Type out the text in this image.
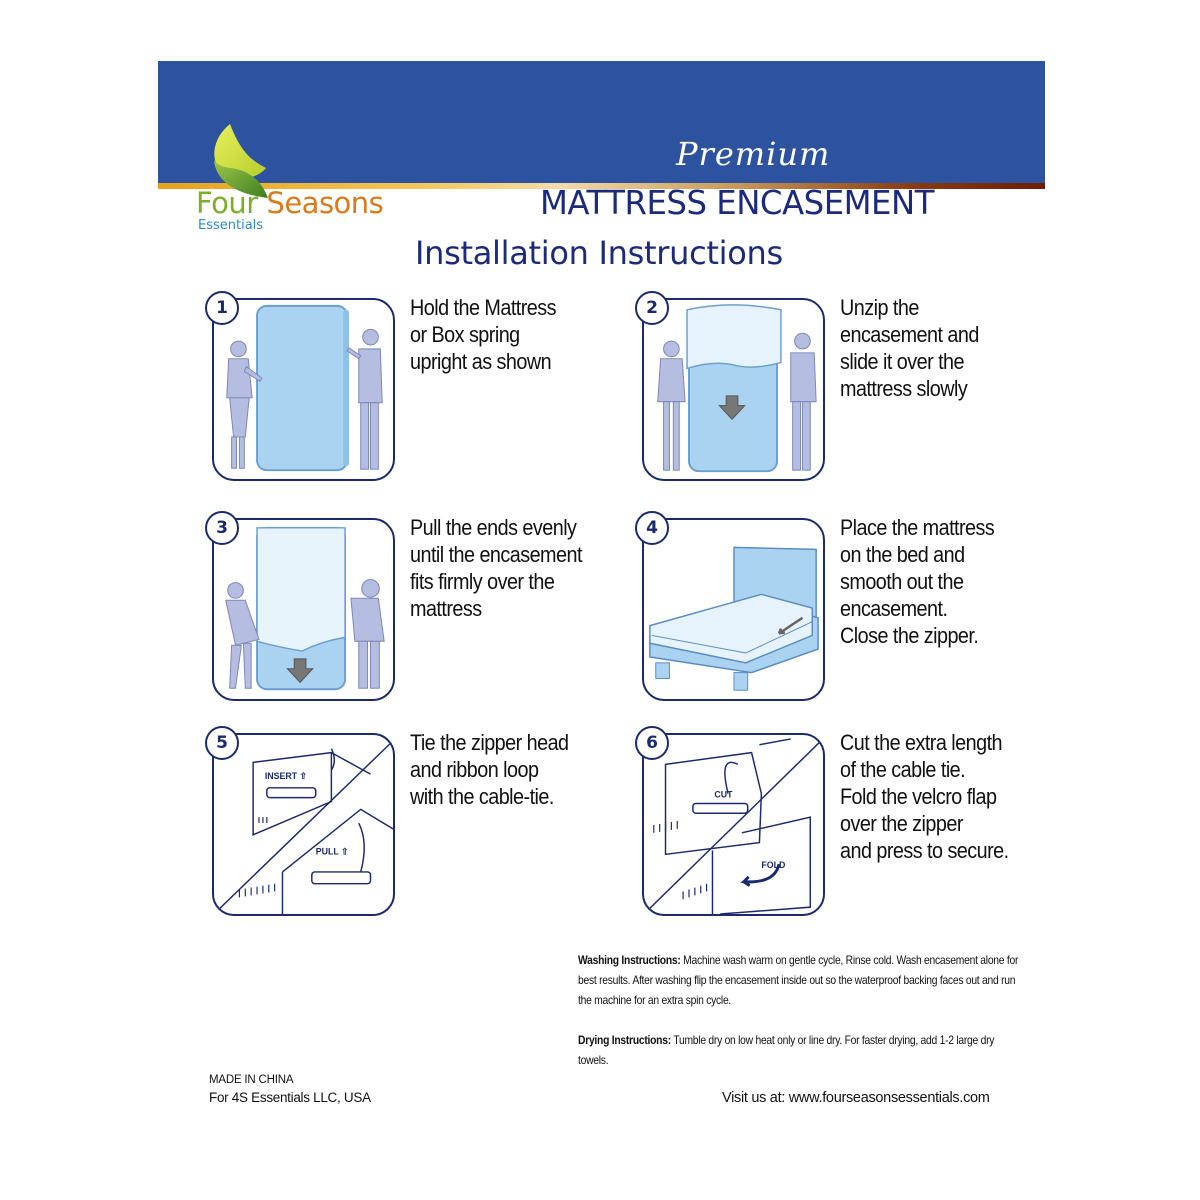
Four Seasons
Essentials
Premium
MATTRESS ENCASEMENT
Installation Instructions
1	Hold the Mattress
or Box spring
upright as shown
2	Unzip the
encasement and
slide it over the
mattress slowly
3	Pull the ends evenly
until the encasement
fits firmly over the
mattress
4	Place the mattress
on the bed and
smooth out the
encasement.
Close the zipper.
INSERT ⇧
PULL ⇧
5	Tie the zipper head
and ribbon loop
with the cable-tie.	CUT
FOLD
6	Cut the extra length
of the cable tie.
Fold the velcro flap
over the zipper
and press to secure.
Washing Instructions: Machine wash warm on gentle cycle, Rinse cold. Wash encasement alone for best results. After washing flip the encasement inside out so the waterproof backing faces out and run the machine for an extra spin cycle.
Drying Instructions: Tumble dry on low heat only or line dry. For faster drying, add 1-2 large dry towels.
MADE IN CHINA
For 4S Essentials LLC, USA	Visit us at: www.fourseasonsessentials.com
